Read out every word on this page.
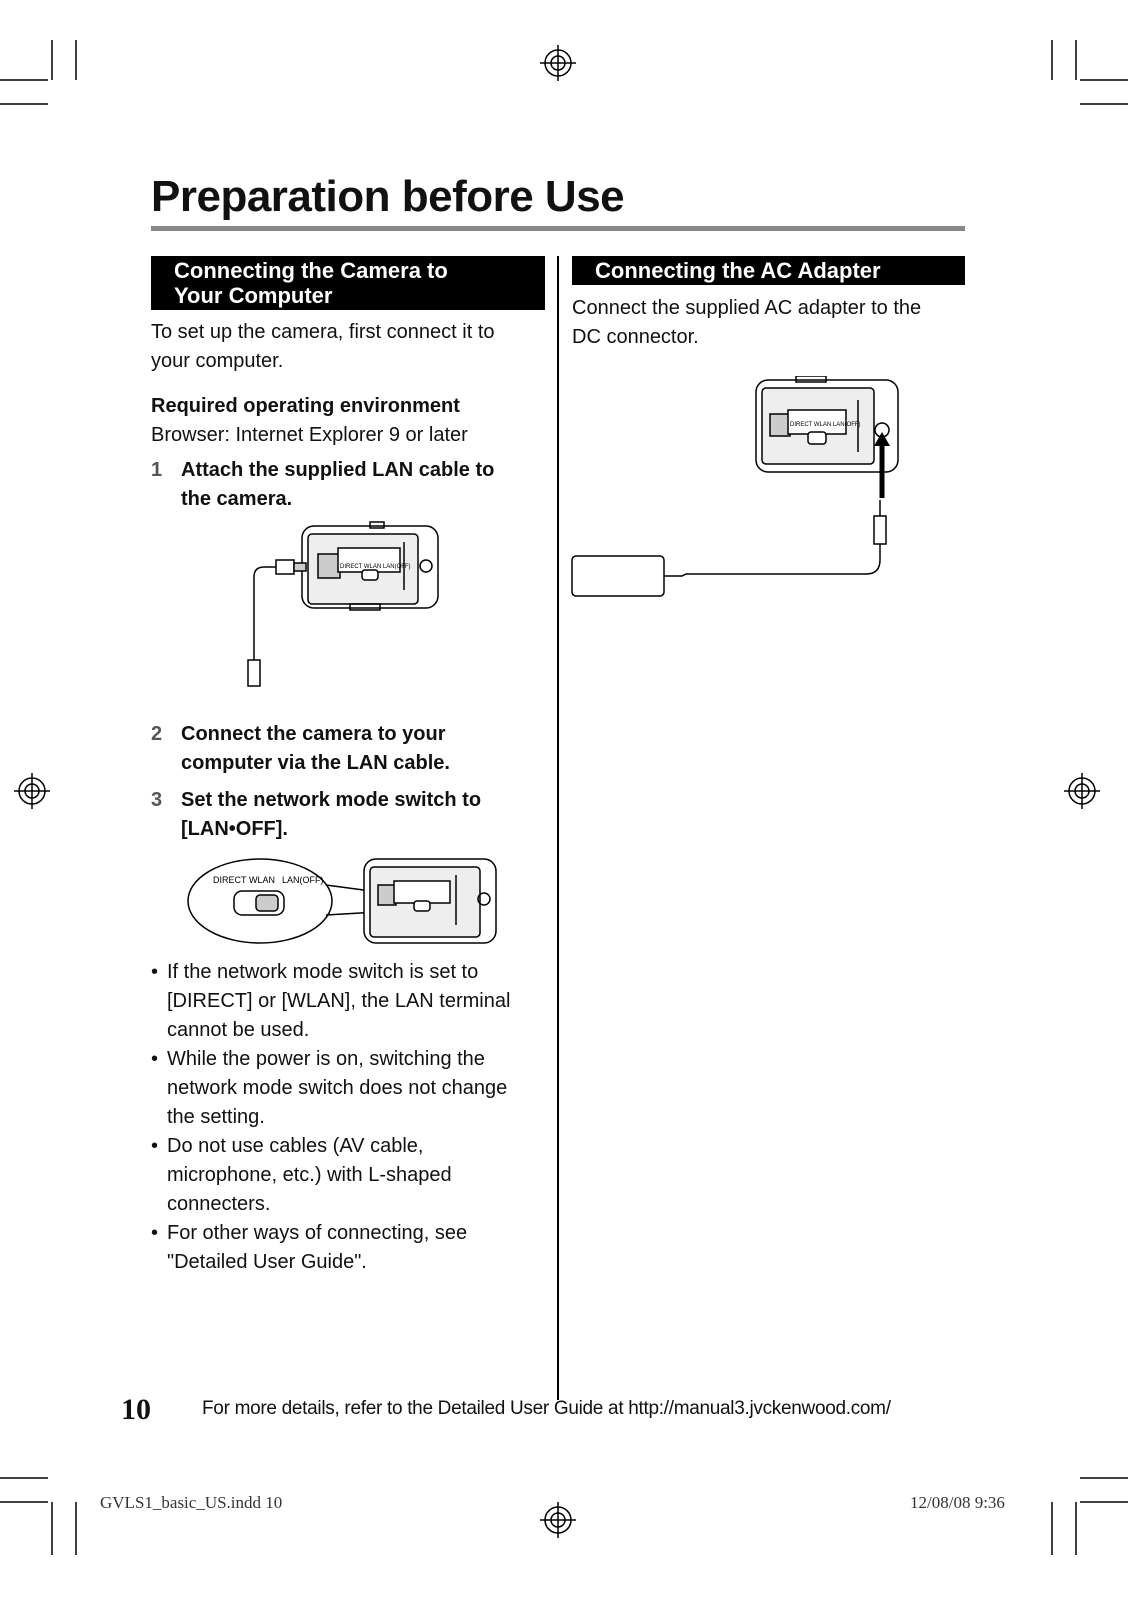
Preparation before Use
Connecting the Camera to
Your Computer
To set up the camera, first connect it to
your computer.
Required operating environment
Browser: Internet Explorer 9 or later
1 Attach the supplied LAN cable to
the camera.
DIRECT WLAN LAN(OFF)
2 Connect the camera to your
computer via the LAN cable.
3 Set the network mode switch to
[LAN•OFF].
DIRECT WLAN LAN(OFF)
• If the network mode switch is set to
[DIRECT] or [WLAN], the LAN terminal
cannot be used.
• While the power is on, switching the
network mode switch does not change
the setting.
• Do not use cables (AV cable,
microphone, etc.) with L-shaped
connecters.
• For other ways of connecting, see
"Detailed User Guide".
Connecting the AC Adapter
Connect the supplied AC adapter to the
DC connector.
DIRECT WLAN LAN(OFF)
10	For more details, refer to the Detailed User Guide at http://manual3.jvckenwood.com/
GVLS1_basic_US.indd 10	12/08/08 9:36
